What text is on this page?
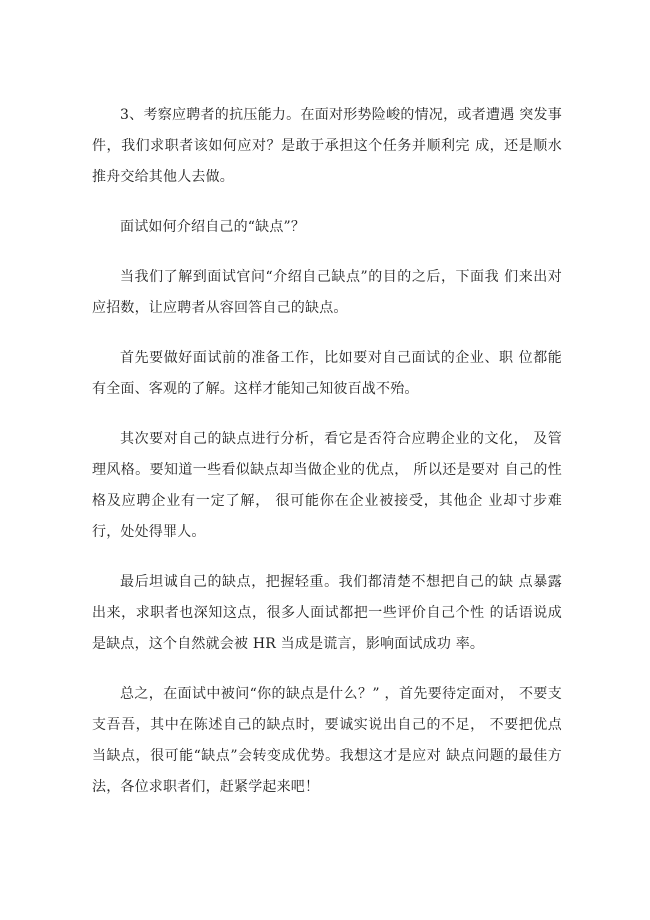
3、考察应聘者的抗压能力。在面对形势险峻的情况，或者遭遇 突发事件，我们求职者该如何应对？是敢于承担这个任务并顺利完 成，还是顺水推舟交给其他人去做。

面试如何介绍自己的“缺点”？

当我们了解到面试官问“介绍自己缺点”的目的之后，下面我 们来出对应招数，让应聘者从容回答自己的缺点。

首先要做好面试前的准备工作，比如要对自己面试的企业、职 位都能有全面、客观的了解。这样才能知己知彼百战不殆。

其次要对自己的缺点进行分析，看它是否符合应聘企业的文化， 及管理风格。要知道一些看似缺点却当做企业的优点， 所以还是要对 自己的性格及应聘企业有一定了解， 很可能你在企业被接受，其他企 业却寸步难行，处处得罪人。

最后坦诚自己的缺点，把握轻重。我们都清楚不想把自己的缺 点暴露出来，求职者也深知这点，很多人面试都把一些评价自己个性 的话语说成是缺点，这个自然就会被 HR 当成是谎言，影响面试成功 率。

总之，在面试中被问“你的缺点是什么？” ，首先要待定面对， 不要支支吾吾，其中在陈述自己的缺点时，要诚实说出自己的不足， 不要把优点当缺点，很可能“缺点”会转变成优势。我想这才是应对 缺点问题的最佳方法，各位求职者们，赶紧学起来吧！
